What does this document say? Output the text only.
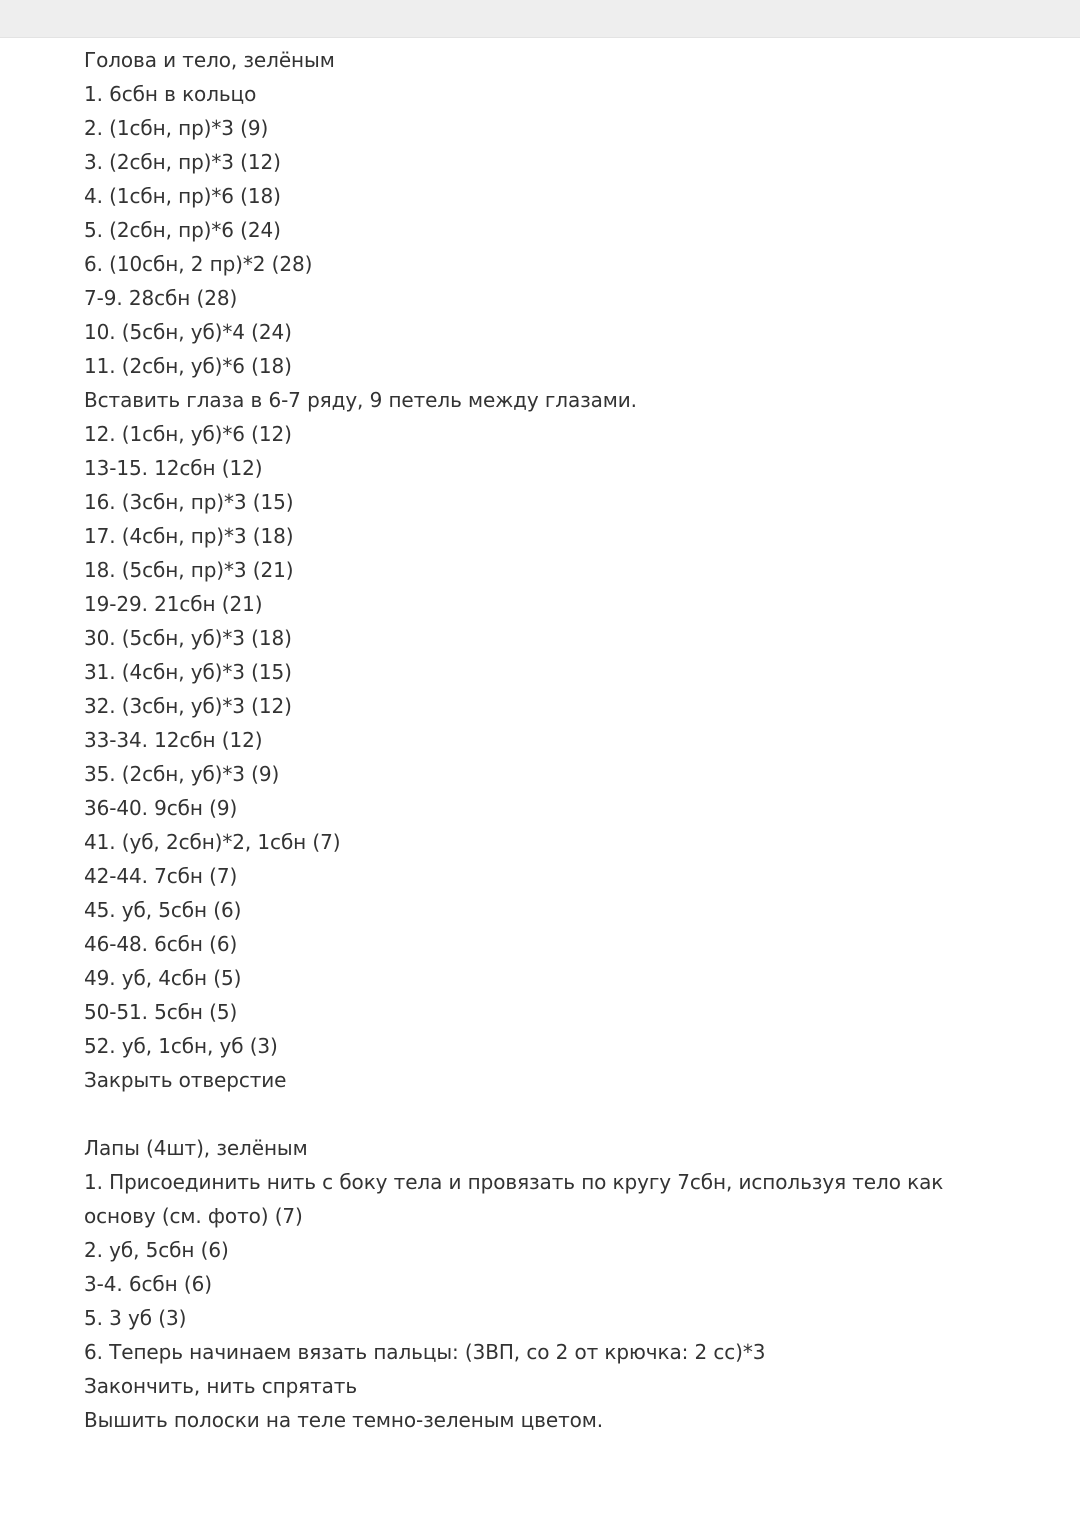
Голова и тело, зелёным
1. 6сбн в кольцо
2. (1сбн, пр)*3 (9)
3. (2сбн, пр)*3 (12)
4. (1сбн, пр)*6 (18)
5. (2сбн, пр)*6 (24)
6. (10сбн, 2 пр)*2 (28)
7-9. 28сбн (28)
10. (5сбн, уб)*4 (24)
11. (2сбн, уб)*6 (18)
Вставить глаза в 6-7 ряду, 9 петель между глазами.
12. (1сбн, уб)*6 (12)
13-15. 12сбн (12)
16. (3сбн, пр)*3 (15)
17. (4сбн, пр)*3 (18)
18. (5сбн, пр)*3 (21)
19-29. 21сбн (21)
30. (5сбн, уб)*3 (18)
31. (4сбн, уб)*3 (15)
32. (3сбн, уб)*3 (12)
33-34. 12сбн (12)
35. (2сбн, уб)*3 (9)
36-40. 9сбн (9)
41. (уб, 2сбн)*2, 1сбн (7)
42-44. 7сбн (7)
45. уб, 5сбн (6)
46-48. 6сбн (6)
49. уб, 4сбн (5)
50-51. 5сбн (5)
52. уб, 1сбн, уб (3)
Закрыть отверстие
Лапы (4шт), зелёным
1. Присоединить нить с боку тела и провязать по кругу 7сбн, используя тело как
основу (см. фото) (7)
2. уб, 5сбн (6)
3-4. 6сбн (6)
5. 3 уб (3)
6. Теперь начинаем вязать пальцы: (3ВП, со 2 от крючка: 2 сс)*3
Закончить, нить спрятать
Вышить полоски на теле темно-зеленым цветом.
